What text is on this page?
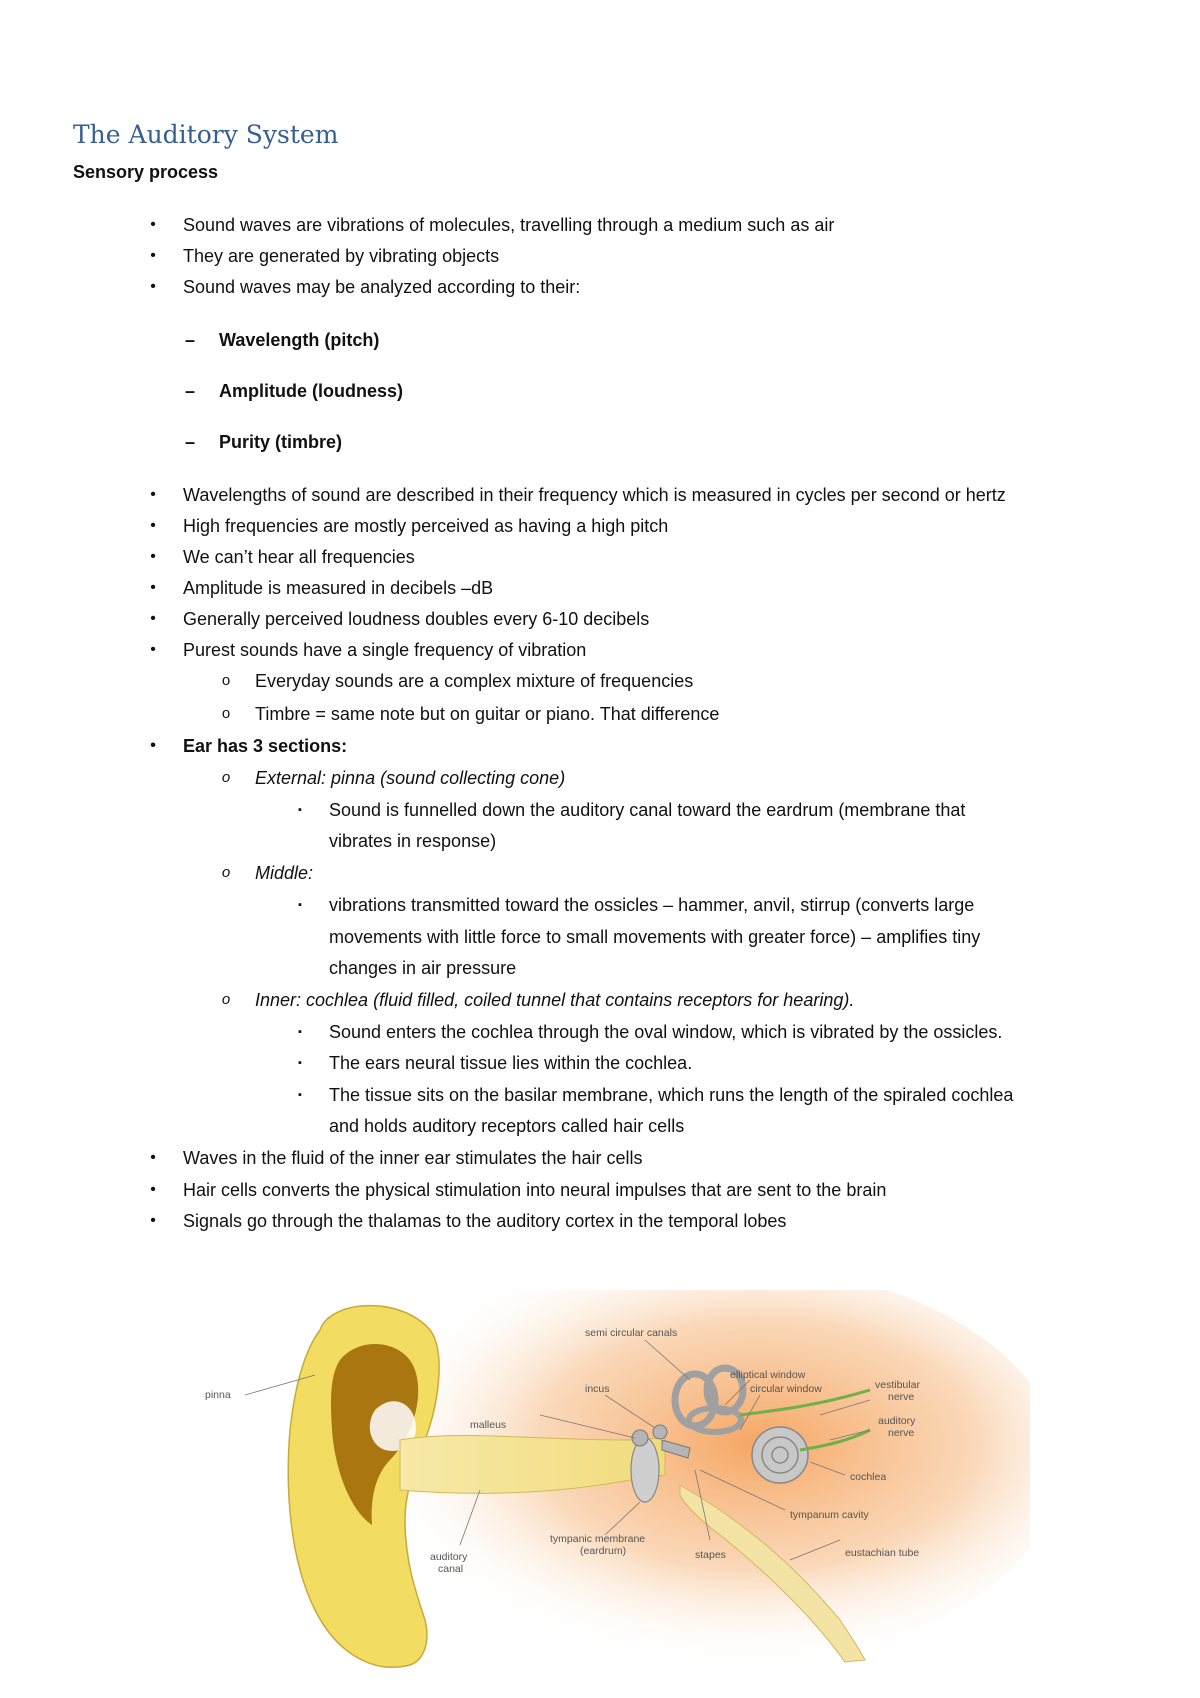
The Auditory System

Sensory process

• Sound waves are vibrations of molecules, travelling through a medium such as air
• They are generated by vibrating objects
• Sound waves may be analyzed according to their:
– Wavelength (pitch)
– Amplitude (loudness)
– Purity (timbre)
• Wavelengths of sound are described in their frequency which is measured in cycles per second or hertz
• High frequencies are mostly perceived as having a high pitch
• We can’t hear all frequencies
• Amplitude is measured in decibels –dB
• Generally perceived loudness doubles every 6-10 decibels
• Purest sounds have a single frequency of vibration
o Everyday sounds are a complex mixture of frequencies
o Timbre = same note but on guitar or piano. That difference
• Ear has 3 sections:
o External: pinna (sound collecting cone)
▪ Sound is funnelled down the auditory canal toward the eardrum (membrane that
vibrates in response)
o Middle:
▪ vibrations transmitted toward the ossicles – hammer, anvil, stirrup (converts large
movements with little force to small movements with greater force) – amplifies tiny
changes in air pressure
o Inner: cochlea (fluid filled, coiled tunnel that contains receptors for hearing).
▪ Sound enters the cochlea through the oval window, which is vibrated by the ossicles.
▪ The ears neural tissue lies within the cochlea.
▪ The tissue sits on the basilar membrane, which runs the length of the spiraled cochlea
and holds auditory receptors called hair cells
• Waves in the fluid of the inner ear stimulates the hair cells
• Hair cells converts the physical stimulation into neural impulses that are sent to the brain
• Signals go through the thalamas to the auditory cortex in the temporal lobes
pinna
semi circular canals
incus
elliptical window
circular window	vestibular
nerve
auditory
nerve
malleus
cochlea
tympanum cavity
tympanic membrane
(eardrum)	stapes
auditory
canal
eustachian tube
